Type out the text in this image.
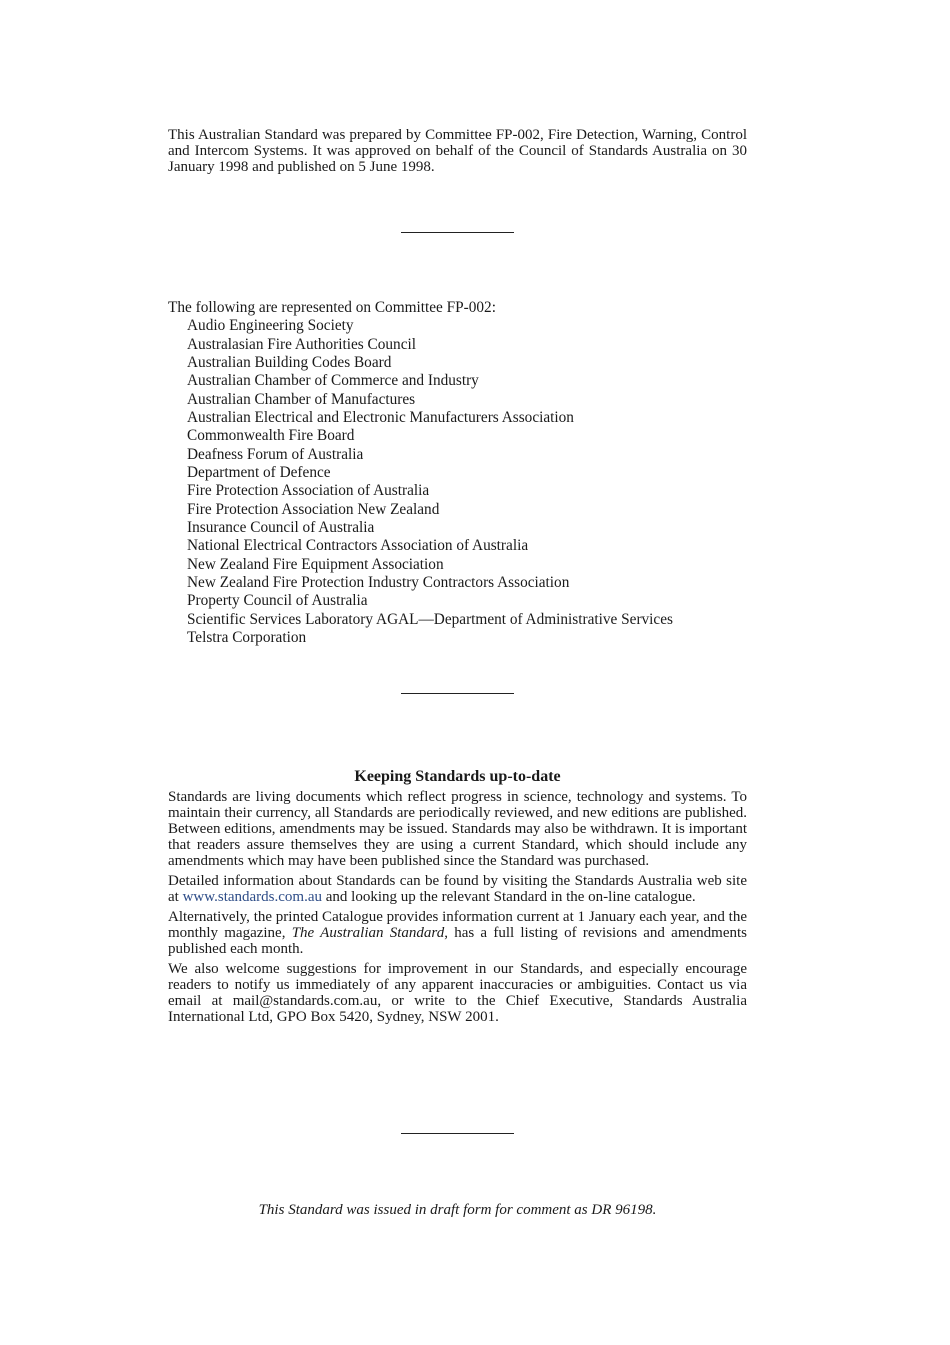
This Australian Standard was prepared by Committee FP-002, Fire Detection, Warning, Control and Intercom Systems. It was approved on behalf of the Council of Standards Australia on 30 January 1998 and published on 5 June 1998.
The following are represented on Committee FP-002:
Audio Engineering Society
Australasian Fire Authorities Council
Australian Building Codes Board
Australian Chamber of Commerce and Industry
Australian Chamber of Manufactures
Australian Electrical and Electronic Manufacturers Association
Commonwealth Fire Board
Deafness Forum of Australia
Department of Defence
Fire Protection Association of Australia
Fire Protection Association New Zealand
Insurance Council of Australia
National Electrical Contractors Association of Australia
New Zealand Fire Equipment Association
New Zealand Fire Protection Industry Contractors Association
Property Council of Australia
Scientific Services Laboratory AGAL—Department of Administrative Services
Telstra Corporation
Keeping Standards up-to-date

Standards are living documents which reflect progress in science, technology and systems. To maintain their currency, all Standards are periodically reviewed, and new editions are published. Between editions, amendments may be issued. Standards may also be withdrawn. It is important that readers assure themselves they are using a current Standard, which should include any amendments which may have been published since the Standard was purchased.

Detailed information about Standards can be found by visiting the Standards Australia web site at www.standards.com.au and looking up the relevant Standard in the on-line catalogue.

Alternatively, the printed Catalogue provides information current at 1 January each year, and the monthly magazine, The Australian Standard, has a full listing of revisions and amendments published each month.

We also welcome suggestions for improvement in our Standards, and especially encourage readers to notify us immediately of any apparent inaccuracies or ambiguities. Contact us via email at mail@standards.com.au, or write to the Chief Executive, Standards Australia International Ltd, GPO Box 5420, Sydney, NSW 2001.

This Standard was issued in draft form for comment as DR 96198.
